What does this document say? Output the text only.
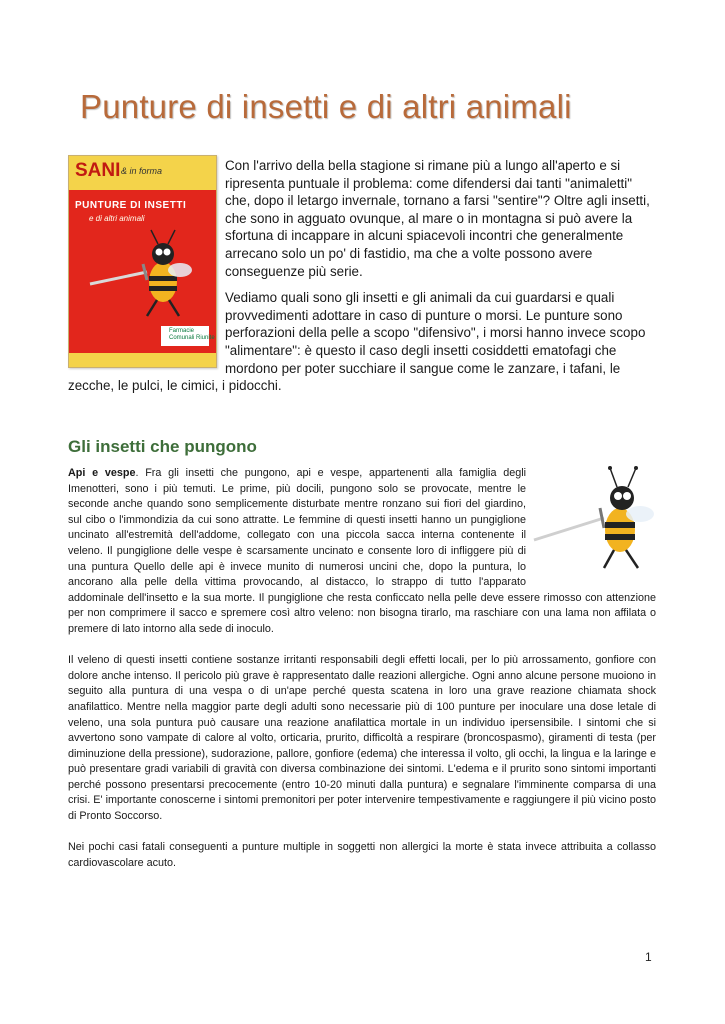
Punture di insetti e di altri animali
SANI & in forma
PUNTURE DI INSETTI
e di altri animali
Farmacie Comunali Riunite

Con l'arrivo della bella stagione si rimane più a lungo all'aperto e si ripresenta puntuale il problema: come difendersi dai tanti "animaletti" che, dopo il letargo invernale, tornano a farsi "sentire"? Oltre agli insetti, che sono in agguato ovunque, al mare o in montagna si può avere la sfortuna di incappare in alcuni spiacevoli incontri che generalmente arrecano solo un po' di fastidio, ma che a volte possono avere conseguenze più serie.

Vediamo quali sono gli insetti e gli animali da cui guardarsi e quali provvedimenti adottare in caso di punture o morsi. Le punture sono perforazioni della pelle a scopo "difensivo", i morsi hanno invece scopo "alimentare": è questo il caso degli insetti cosiddetti ematofagi che mordono per poter succhiare il sangue come le zanzare, i tafani, le zecche, le pulci, le cimici, i pidocchi.

Gli insetti che pungono

Api e vespe. Fra gli insetti che pungono, api e vespe, appartenenti alla famiglia degli Imenotteri, sono i più temuti. Le prime, più docili, pungono solo se provocate, mentre le seconde anche quando sono semplicemente disturbate mentre ronzano sui fiori del giardino, sul cibo o l'immondizia da cui sono attratte. Le femmine di questi insetti hanno un pungiglione uncinato all'estremità dell'addome, collegato con una piccola sacca interna contenente il veleno. Il pungiglione delle vespe è scarsamente uncinato e consente loro di infliggere più di una puntura Quello delle api è invece munito di numerosi uncini che, dopo la puntura, lo ancorano alla pelle della vittima provocando, al distacco, lo strappo di tutto l'apparato addominale dell'insetto e la sua morte. Il pungiglione che resta conficcato nella pelle deve essere rimosso con attenzione per non comprimere il sacco e spremere così altro veleno: non bisogna tirarlo, ma raschiare con una lama non affilata o premere di lato intorno alla sede di inoculo.

Il veleno di questi insetti contiene sostanze irritanti responsabili degli effetti locali, per lo più arrossamento, gonfiore con dolore anche intenso. Il pericolo più grave è rappresentato dalle reazioni allergiche. Ogni anno alcune persone muoiono in seguito alla puntura di una vespa o di un'ape perché questa scatena in loro una grave reazione chiamata shock anafilattico. Mentre nella maggior parte degli adulti sono necessarie più di 100 punture per inoculare una dose letale di veleno, una sola puntura può causare una reazione anafilattica mortale in un individuo ipersensibile. I sintomi che si avvertono sono vampate di calore al volto, orticaria, prurito, difficoltà a respirare (broncospasmo), giramenti di testa (per diminuzione della pressione), sudorazione, pallore, gonfiore (edema) che interessa il volto, gli occhi, la lingua e la laringe e può presentare gradi variabili di gravità con diversa combinazione dei sintomi. L'edema e il prurito sono sintomi importanti perché possono presentarsi precocemente (entro 10-20 minuti dalla puntura) e segnalare l'imminente comparsa di una crisi. E' importante conoscerne i sintomi premonitori per poter intervenire tempestivamente e raggiungere il più vicino posto di Pronto Soccorso.

Nei pochi casi fatali conseguenti a punture multiple in soggetti non allergici la morte è stata invece attribuita a collasso cardiovascolare acuto.

1
